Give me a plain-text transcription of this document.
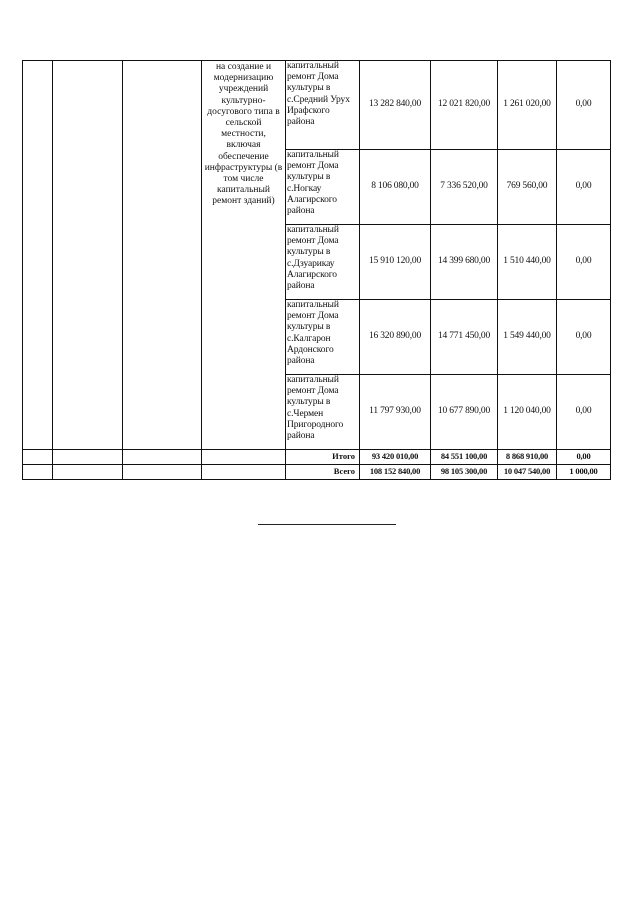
			на создание и модернизацию учреждений культурно-досугового типа в сельской местности, включая обеспечение инфраструктуры (в том числе капитальный ремонт зданий)	капитальный ремонт Дома культуры в с.Средний Урух Ирафского района	13 282 840,00	12 021 820,00	1 261 020,00	0,00
				капитальный ремонт Дома культуры в с.Ногкау Алагирского района	8 106 080,00	7 336 520,00	769 560,00	0,00
				капитальный ремонт Дома культуры в с.Дзуарикау Алагирского района	15 910 120,00	14 399 680,00	1 510 440,00	0,00
				капитальный ремонт Дома культуры в с.Калгарон Ардонского района	16 320 890,00	14 771 450,00	1 549 440,00	0,00
				капитальный ремонт Дома культуры в с.Чермен Пригородного района	11 797 930,00	10 677 890,00	1 120 040,00	0,00
				Итого	93 420 010,00	84 551 100,00	8 868 910,00	0,00
				Всего	108 152 840,00	98 105 300,00	10 047 540,00	1 000,00
